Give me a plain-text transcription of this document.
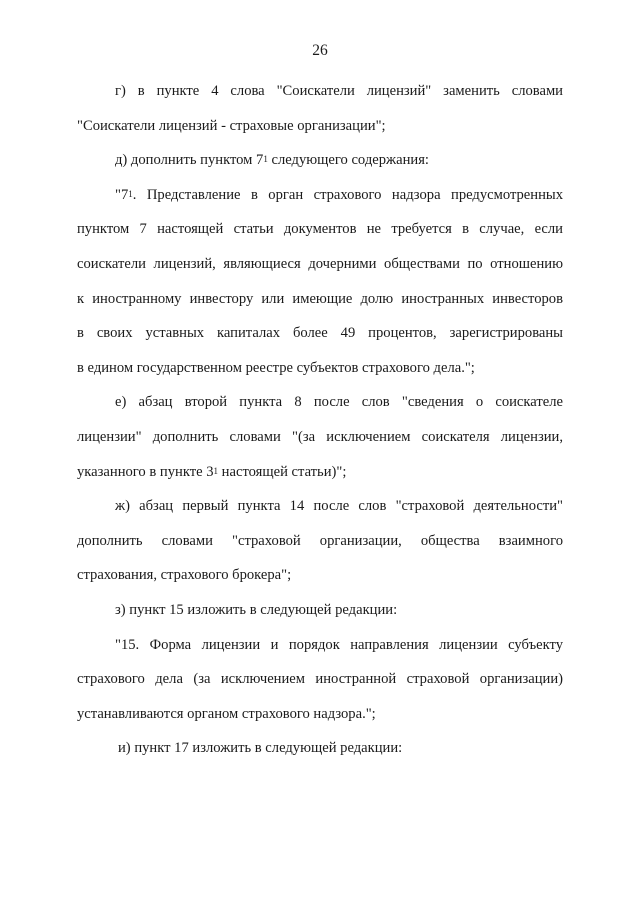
26
г) в пункте 4 слова "Соискатели лицензий" заменить словами
"Соискатели лицензий - страховые организации";
д) дополнить пунктом $7^1$ следующего содержания:
"$7^1$. Представление в орган страхового надзора предусмотренных
пунктом 7 настоящей статьи документов не требуется в случае, если
соискатели лицензий, являющиеся дочерними обществами по отношению
к иностранному инвестору или имеющие долю иностранных инвесторов
в своих уставных капиталах более 49 процентов, зарегистрированы
в едином государственном реестре субъектов страхового дела.";
е) абзац второй пункта 8 после слов "сведения о соискателе
лицензии" дополнить словами "(за исключением соискателя лицензии,
указанного в пункте $3^1$ настоящей статьи)";
ж) абзац первый пункта 14 после слов "страховой деятельности"
дополнить словами "страховой организации, общества взаимного
страхования, страхового брокера";
з) пункт 15 изложить в следующей редакции:
"15. Форма лицензии и порядок направления лицензии субъекту
страхового дела (за исключением иностранной страховой организации)
устанавливаются органом страхового надзора.";
и) пункт 17 изложить в следующей редакции:
